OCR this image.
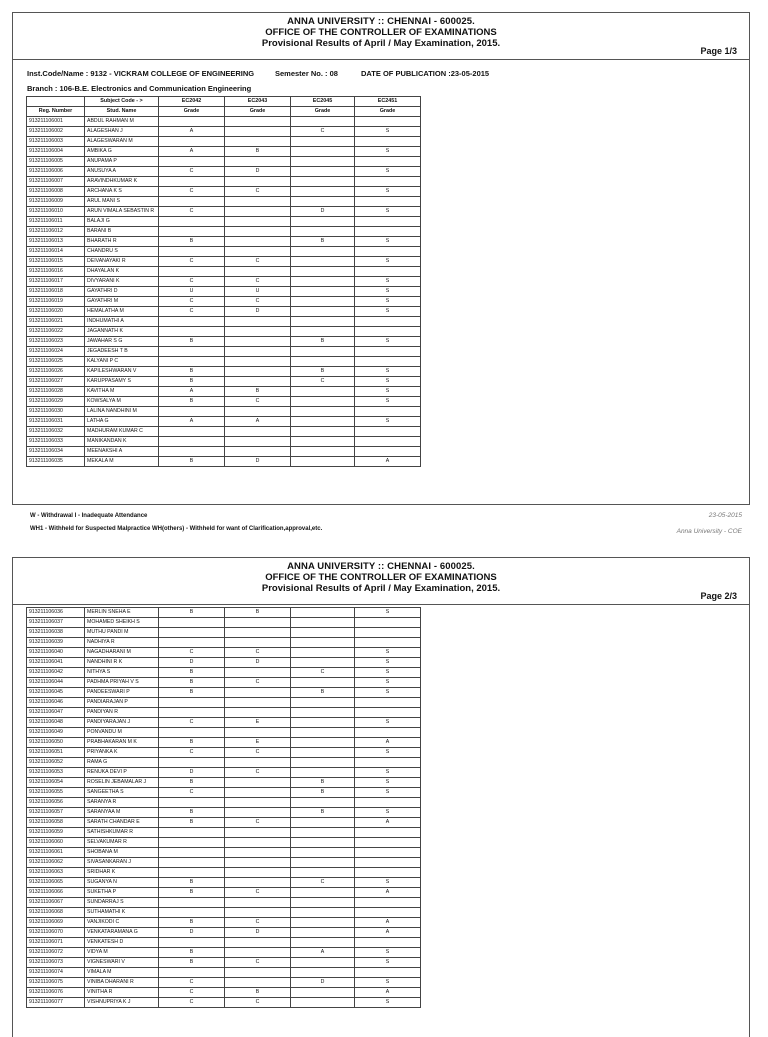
ANNA UNIVERSITY :: CHENNAI - 600025.
OFFICE OF THE CONTROLLER OF EXAMINATIONS
Provisional Results of April / May Examination, 2015.
Page 1/3
Inst.Code/Name : 9132 - VICKRAM COLLEGE OF ENGINEERING	Semester No. : 08	DATE OF PUBLICATION :23-05-2015
Branch : 106-B.E. Electronics and Communication Engineering
	Subject Code - >	EC2042	EC2043	EC2045	EC2451
Reg. Number	Stud. Name	Grade	Grade	Grade	Grade
913211106001	ABDUL RAHMAN M				
913211106002	ALAGESHAN J	A		C	S
913211106003	ALAGESWARAN M				
913211106004	AMBIKA G	A	B		S
913211106005	ANUPAMA P				
913211106006	ANUSUYA A	C	D		S
913211106007	ARAVINDHKUMAR K				
913211106008	ARCHANA K S	C	C		S
913211106009	ARUL MANI S				
913211106010	ARUN VIMALA SEBASTIN R	C		D	S
913211106011	BALAJI G				
913211106012	BARANI B				
913211106013	BHARATH R	B		B	S
913211106014	CHANDRU S				
913211106015	DEIVANAYAKI R	C	C		S
913211106016	DHAYALAN K				
913211106017	DIVYARANI K	C	C		S
913211106018	GAYATHRI D	U	U		S
913211106019	GAYATHRI M	C	C		S
913211106020	HEMALATHA M	C	D		S
913211106021	INDHUMATHI A				
913211106022	JAGANNATH K				
913211106023	JAWAHAR S G	B		B	S
913211106024	JEGADEESH T B				
913211106025	KALYANI P C				
913211106026	KAPILESHWARAN V	B		B	S
913211106027	KARUPPASAMY S	B		C	S
913211106028	KAVITHA M	A	B		S
913211106029	KOWSALYA M	B	C		S
913211106030	LALINA NANDHINI M				
913211106031	LATHA G	A	A		S
913211106032	MADHURAM KUMAR C				
913211106033	MANIKANDAN K				
913211106034	MEENAKSHI A				
913211106035	MEKALA M	B	D		A
W - Withdrawal I - Inadequate Attendance
WH1 - Withheld for Suspected Malpractice WH(others) - Withheld for want of Clarification,approval,etc.
23-05-2015
Anna University - COE
ANNA UNIVERSITY :: CHENNAI - 600025.
OFFICE OF THE CONTROLLER OF EXAMINATIONS
Provisional Results of April / May Examination, 2015.
Page 2/3
913211106036	MERLIN SNEHA E	B	B		S
913211106037	MOHAMED SHEIKH S				
913211106038	MUTHU PANDI M				
913211106039	NADHIYA R				
913211106040	NAGADHARANI M	C	C		S
913211106041	NANDHINI R K	D	D		S
913211106042	NITHYA S	B		C	S
913211106044	PADHMA PRIYAH V S	B	C		S
913211106045	PANDEESWARI P	B		B	S
913211106046	PANDIARAJAN P				
913211106047	PANDIYAN R				
913211106048	PANDIYARAJAN J	C	E		S
913211106049	PONVANDU M				
913211106050	PRABHAKARAN M K	B	E		A
913211106051	PRIYANKA K	C	C		S
913211106052	RAMA G				
913211106053	RENUKA DEVI P	D	C		S
913211106054	ROSELIN JEBAMALAR J	B		B	S
913211106055	SANGEETHA S	C		B	S
913211106056	SARANYA R				
913211106057	SARANYAA M	B		B	S
913211106058	SARATH CHANDAR E	B	C		A
913211106059	SATHISHKUMAR R				
913211106060	SELVAKUMAR R				
913211106061	SHOBANA M				
913211106062	SIVASANKARAN J				
913211106063	SRIDHAR K				
913211106065	SUGANYA N	B		C	S
913211106066	SUKETHA P	B	C		A
913211106067	SUNDARRAJ S				
913211106068	SUTHAMATHI K				
913211106069	VANJIKODI C	B	C		A
913211106070	VENKATARAMANA G	D	D		A
913211106071	VENKATESH D				
913211106072	VIDYA M	B		A	S
913211106073	VIGNESWARI V	B	C		S
913211106074	VIMALA M				
913211106075	VINIBA DHARANI R	C		D	S
913211106076	VINITHA R	C	B		A
913211106077	VISHNUPRIYA K J	C	C		S
